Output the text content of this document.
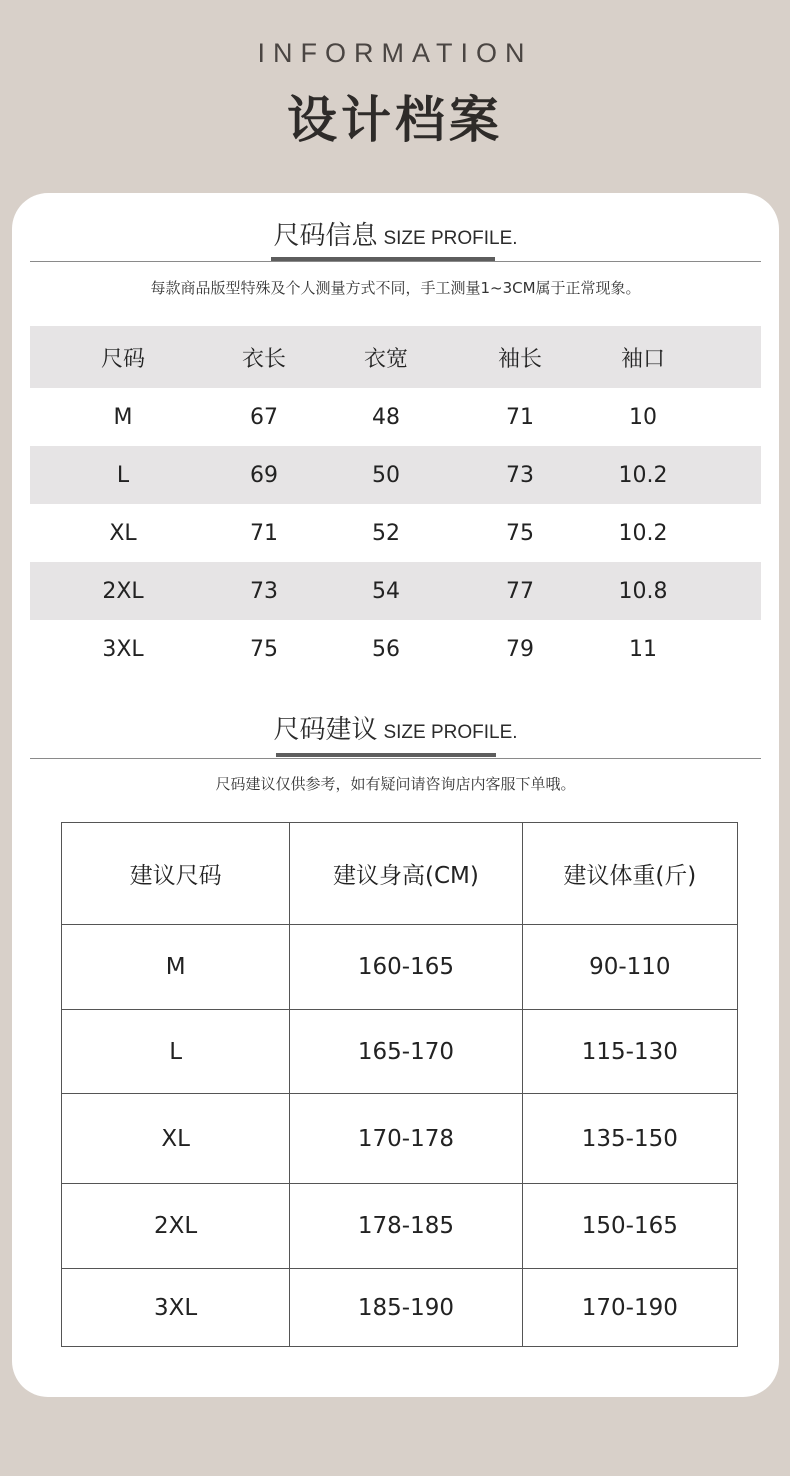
INFORMATION
设计档案
尺码信息 SIZE PROFILE.
每款商品版型特殊及个人测量方式不同，手工测量1~3CM属于正常现象。
尺码	衣长	衣宽	袖长	袖口
M	67	48	71	10
L	69	50	73	10.2
XL	71	52	75	10.2
2XL	73	54	77	10.8
3XL	75	56	79	11
尺码建议 SIZE PROFILE.
尺码建议仅供参考，如有疑问请咨询店内客服下单哦。
建议尺码	建议身高(CM)	建议体重(斤)
M	160-165	90-110
L	165-170	115-130
XL	170-178	135-150
2XL	178-185	150-165
3XL	185-190	170-190
